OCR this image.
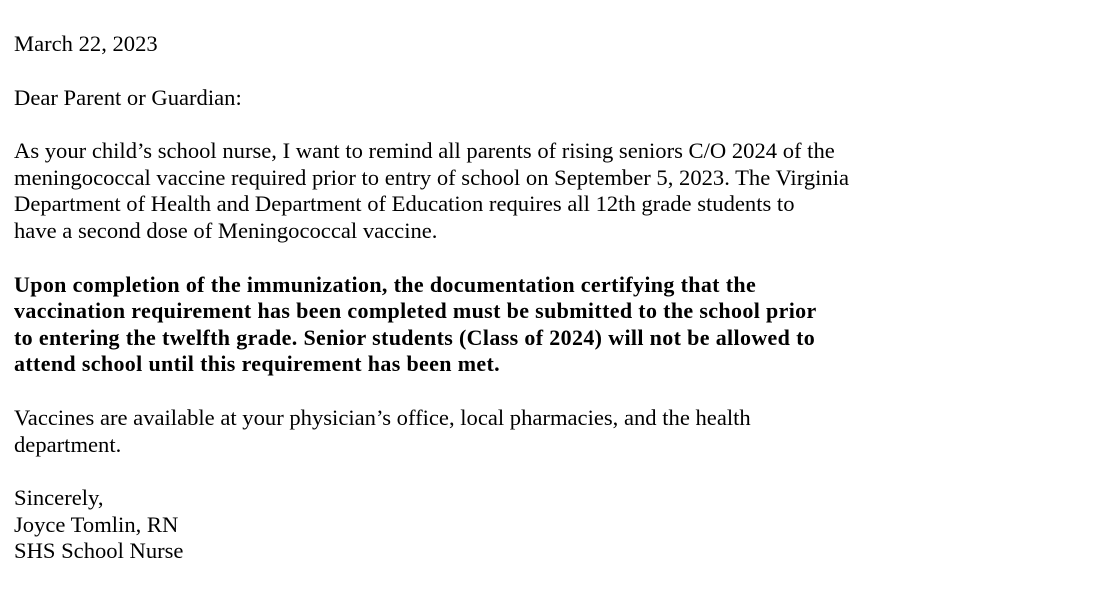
March 22, 2023

Dear Parent or Guardian:

As your child’s school nurse, I want to remind all parents of rising seniors C/O 2024 of the
meningococcal vaccine required prior to entry of school on September 5, 2023. The Virginia
Department of Health and Department of Education requires all 12th grade students to
have a second dose of Meningococcal vaccine.

Upon completion of the immunization, the documentation certifying that the
vaccination requirement has been completed must be submitted to the school prior
to entering the twelfth grade. Senior students (Class of 2024) will not be allowed to
attend school until this requirement has been met.

Vaccines are available at your physician’s office, local pharmacies, and the health
department.

Sincerely,
Joyce Tomlin, RN
SHS School Nurse
